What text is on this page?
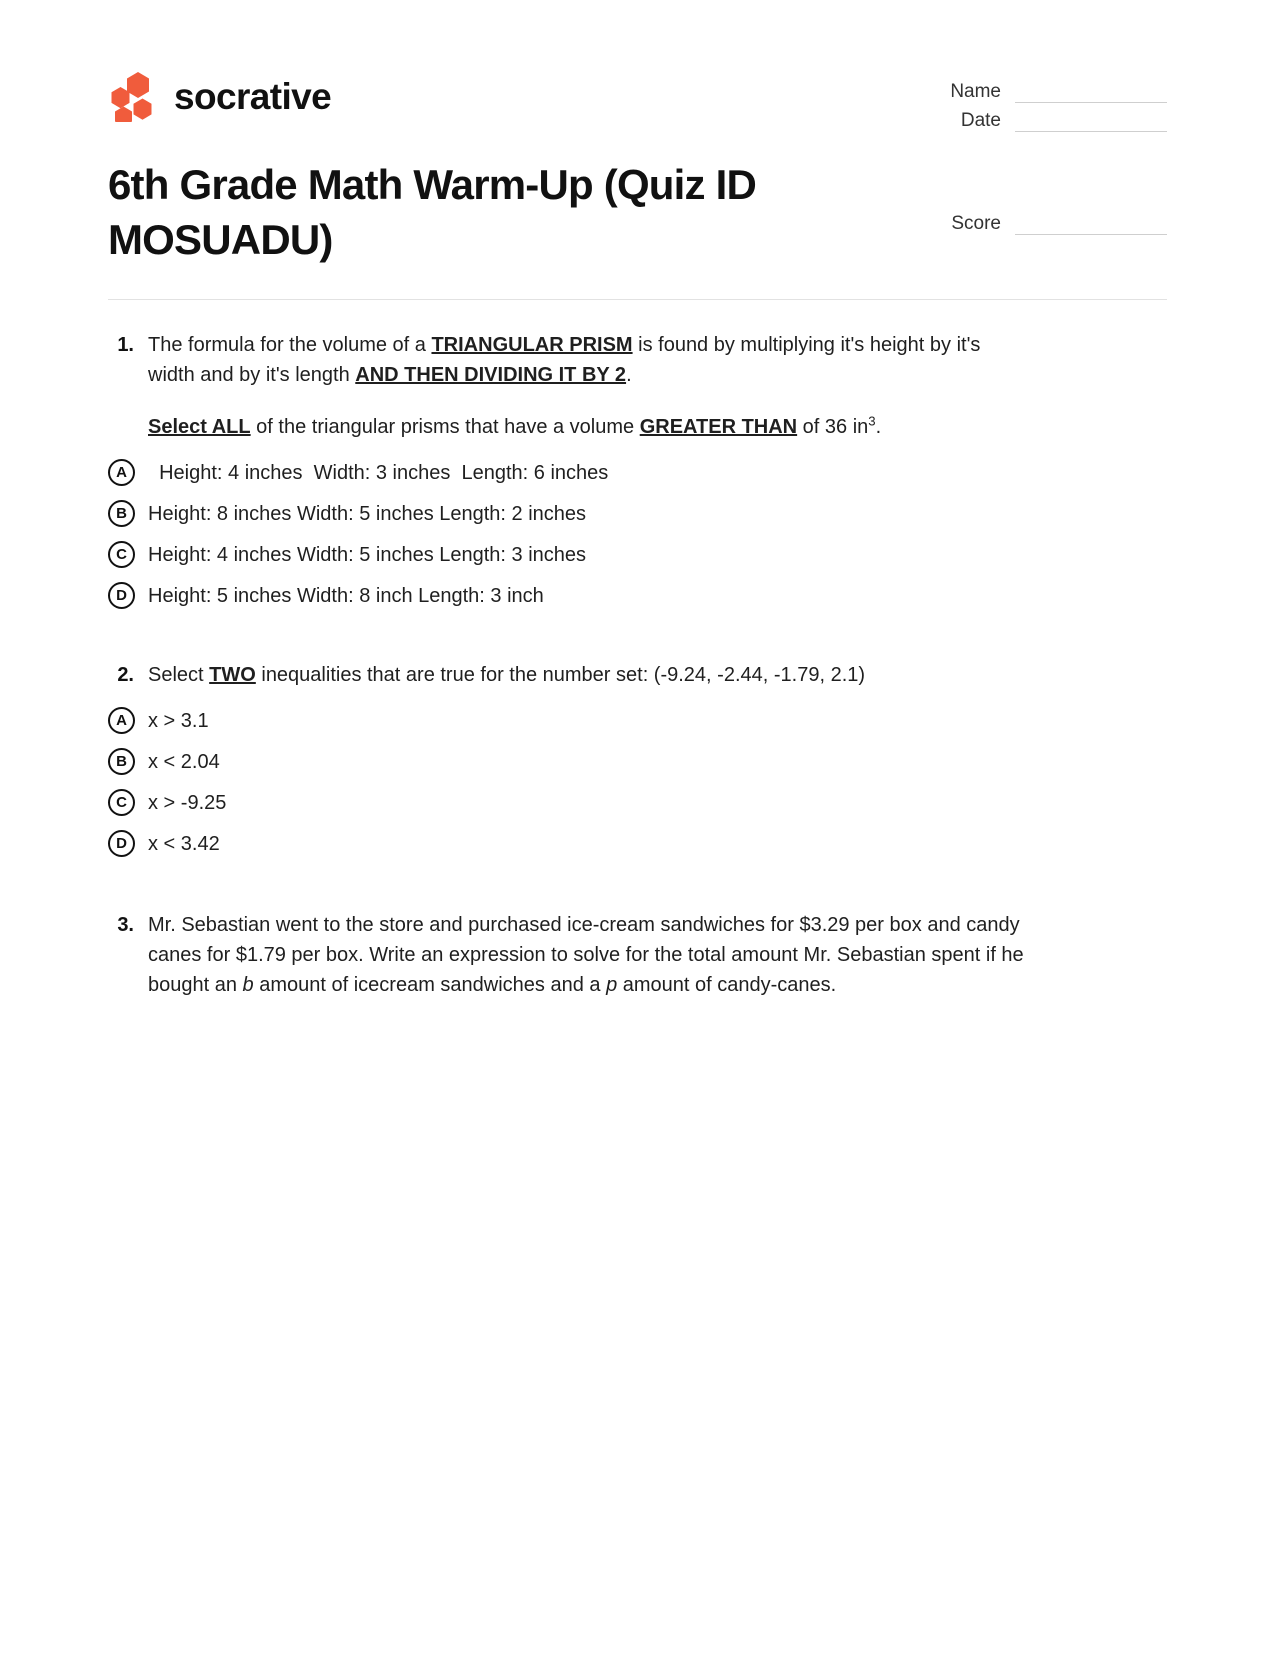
socrative	Name
Date
6th Grade Math Warm-Up (Quiz ID MOSUADU)	Score
1. The formula for the volume of a TRIANGULAR PRISM is found by multiplying it's height by it's width and by it's length AND THEN DIVIDING IT BY 2.
Select ALL of the triangular prisms that have a volume GREATER THAN of 36 $in^3$.
A	Height: 4 inches  Width: 3 inches  Length: 6 inches
B	Height: 8 inches Width: 5 inches Length: 2 inches
C	Height: 4 inches Width: 5 inches Length: 3 inches
D	Height: 5 inches Width: 8 inch Length: 3 inch
2. Select TWO inequalities that are true for the number set: (-9.24, -2.44, -1.79, 2.1)
A	x > 3.1
B	x < 2.04
C	x > -9.25
D	x < 3.42
3. Mr. Sebastian went to the store and purchased ice-cream sandwiches for $3.29 per box and candy canes for $1.79 per box. Write an expression to solve for the total amount Mr. Sebastian spent if he bought an b amount of icecream sandwiches and a p amount of candy-canes.
